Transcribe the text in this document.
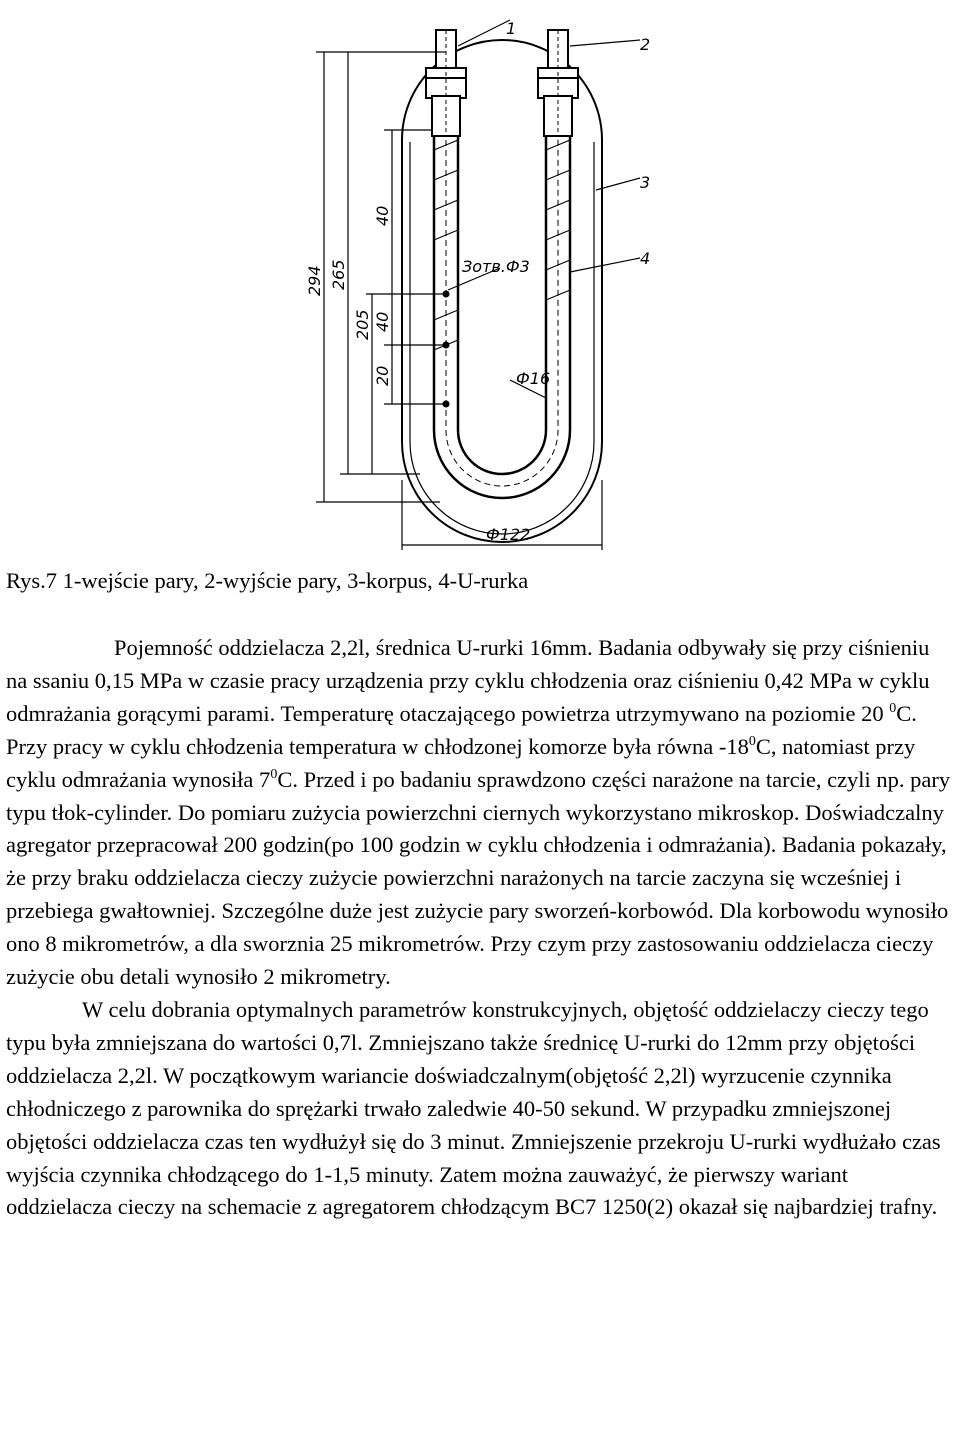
1
2
3
4
Зотв.Ф3
Ф16
Ф122
294 265
205
40
40
20
Rys.7 1-wejście pary, 2-wyjście pary, 3-korpus, 4-U-rurka

Pojemność oddzielacza 2,2l, średnica U-rurki 16mm. Badania odbywały się przy ciśnieniu na ssaniu 0,15 MPa w czasie pracy urządzenia przy cyklu chłodzenia oraz ciśnieniu 0,42 MPa w cyklu odmrażania gorącymi parami. Temperaturę otaczającego powietrza utrzymywano na poziomie 20 $^0$C. Przy pracy w cyklu chłodzenia temperatura w chłodzonej komorze była równa $-18^0C$, natomiast przy cyklu odmrażania wynosiła $7^0C$. Przed i po badaniu sprawdzono części narażone na tarcie, czyli np. pary typu tłok-cylinder. Do pomiaru zużycia powierzchni ciernych wykorzystano mikroskop. Doświadczalny agregator przepracował 200 godzin(po 100 godzin w cyklu chłodzenia i odmrażania). Badania pokazały, że przy braku oddzielacza cieczy zużycie powierzchni narażonych na tarcie zaczyna się wcześniej i przebiega gwałtowniej. Szczególne duże jest zużycie pary sworzeń-korbowód. Dla korbowodu wynosiło ono 8 mikrometrów, a dla sworznia 25 mikrometrów. Przy czym przy zastosowaniu oddzielacza cieczy zużycie obu detali wynosiło 2 mikrometry.

W celu dobrania optymalnych parametrów konstrukcyjnych, objętość oddzielaczy cieczy tego typu była zmniejszana do wartości 0,7l. Zmniejszano także średnicę U-rurki do 12mm przy objętości oddzielacza 2,2l. W początkowym wariancie doświadczalnym(objętość 2,2l) wyrzucenie czynnika chłodniczego z parownika do sprężarki trwało zaledwie 40-50 sekund. W przypadku zmniejszonej objętości oddzielacza czas ten wydłużył się do 3 minut. Zmniejszenie przekroju U-rurki wydłużało czas wyjścia czynnika chłodzącego do 1-1,5 minuty. Zatem można zauważyć, że pierwszy wariant oddzielacza cieczy na schemacie z agregatorem chłodzącym BC7 1250(2) okazał się najbardziej trafny.
